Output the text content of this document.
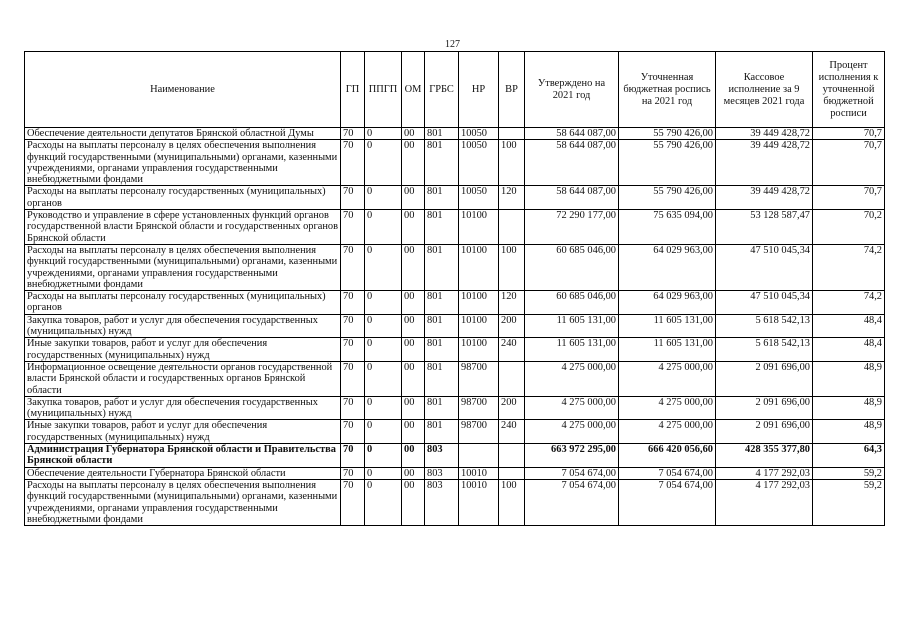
127
Наименование	ГП	ППГП	ОМ	ГРБС	НР	ВР	Утверждено на 2021 год	Уточненная бюджетная роспись на 2021 год	Кассовое исполнение за 9 месяцев 2021 года	Процент исполнения к уточненной бюджетной росписи
Обеспечение деятельности депутатов Брянской областной Думы	70	0	00	801	10050		58 644 087,00	55 790 426,00	39 449 428,72	70,7
Расходы на выплаты персоналу в целях обеспечения выполнения функций государственными (муниципальными) органами, казенными учреждениями, органами управления государственными внебюджетными фондами	70	0	00	801	10050	100	58 644 087,00	55 790 426,00	39 449 428,72	70,7
Расходы на выплаты персоналу государственных (муниципальных) органов	70	0	00	801	10050	120	58 644 087,00	55 790 426,00	39 449 428,72	70,7
Руководство и управление в сфере установленных функций органов государственной власти Брянской области и государственных органов Брянской области	70	0	00	801	10100		72 290 177,00	75 635 094,00	53 128 587,47	70,2
Расходы на выплаты персоналу в целях обеспечения выполнения функций государственными (муниципальными) органами, казенными учреждениями, органами управления государственными внебюджетными фондами	70	0	00	801	10100	100	60 685 046,00	64 029 963,00	47 510 045,34	74,2
Расходы на выплаты персоналу государственных (муниципальных) органов	70	0	00	801	10100	120	60 685 046,00	64 029 963,00	47 510 045,34	74,2
Закупка товаров, работ и услуг для обеспечения государственных (муниципальных) нужд	70	0	00	801	10100	200	11 605 131,00	11 605 131,00	5 618 542,13	48,4
Иные закупки товаров, работ и услуг для обеспечения государственных (муниципальных) нужд	70	0	00	801	10100	240	11 605 131,00	11 605 131,00	5 618 542,13	48,4
Информационное освещение деятельности органов государственной власти Брянской области и государственных органов Брянской области	70	0	00	801	98700		4 275 000,00	4 275 000,00	2 091 696,00	48,9
Закупка товаров, работ и услуг для обеспечения государственных (муниципальных) нужд	70	0	00	801	98700	200	4 275 000,00	4 275 000,00	2 091 696,00	48,9
Иные закупки товаров, работ и услуг для обеспечения государственных (муниципальных) нужд	70	0	00	801	98700	240	4 275 000,00	4 275 000,00	2 091 696,00	48,9
Администрация Губернатора Брянской области и Правительства Брянской области	70	0	00	803			663 972 295,00	666 420 056,60	428 355 377,80	64,3
Обеспечение деятельности Губернатора Брянской области	70	0	00	803	10010		7 054 674,00	7 054 674,00	4 177 292,03	59,2
Расходы на выплаты персоналу в целях обеспечения выполнения функций государственными (муниципальными) органами, казенными учреждениями, органами управления государственными внебюджетными фондами	70	0	00	803	10010	100	7 054 674,00	7 054 674,00	4 177 292,03	59,2
